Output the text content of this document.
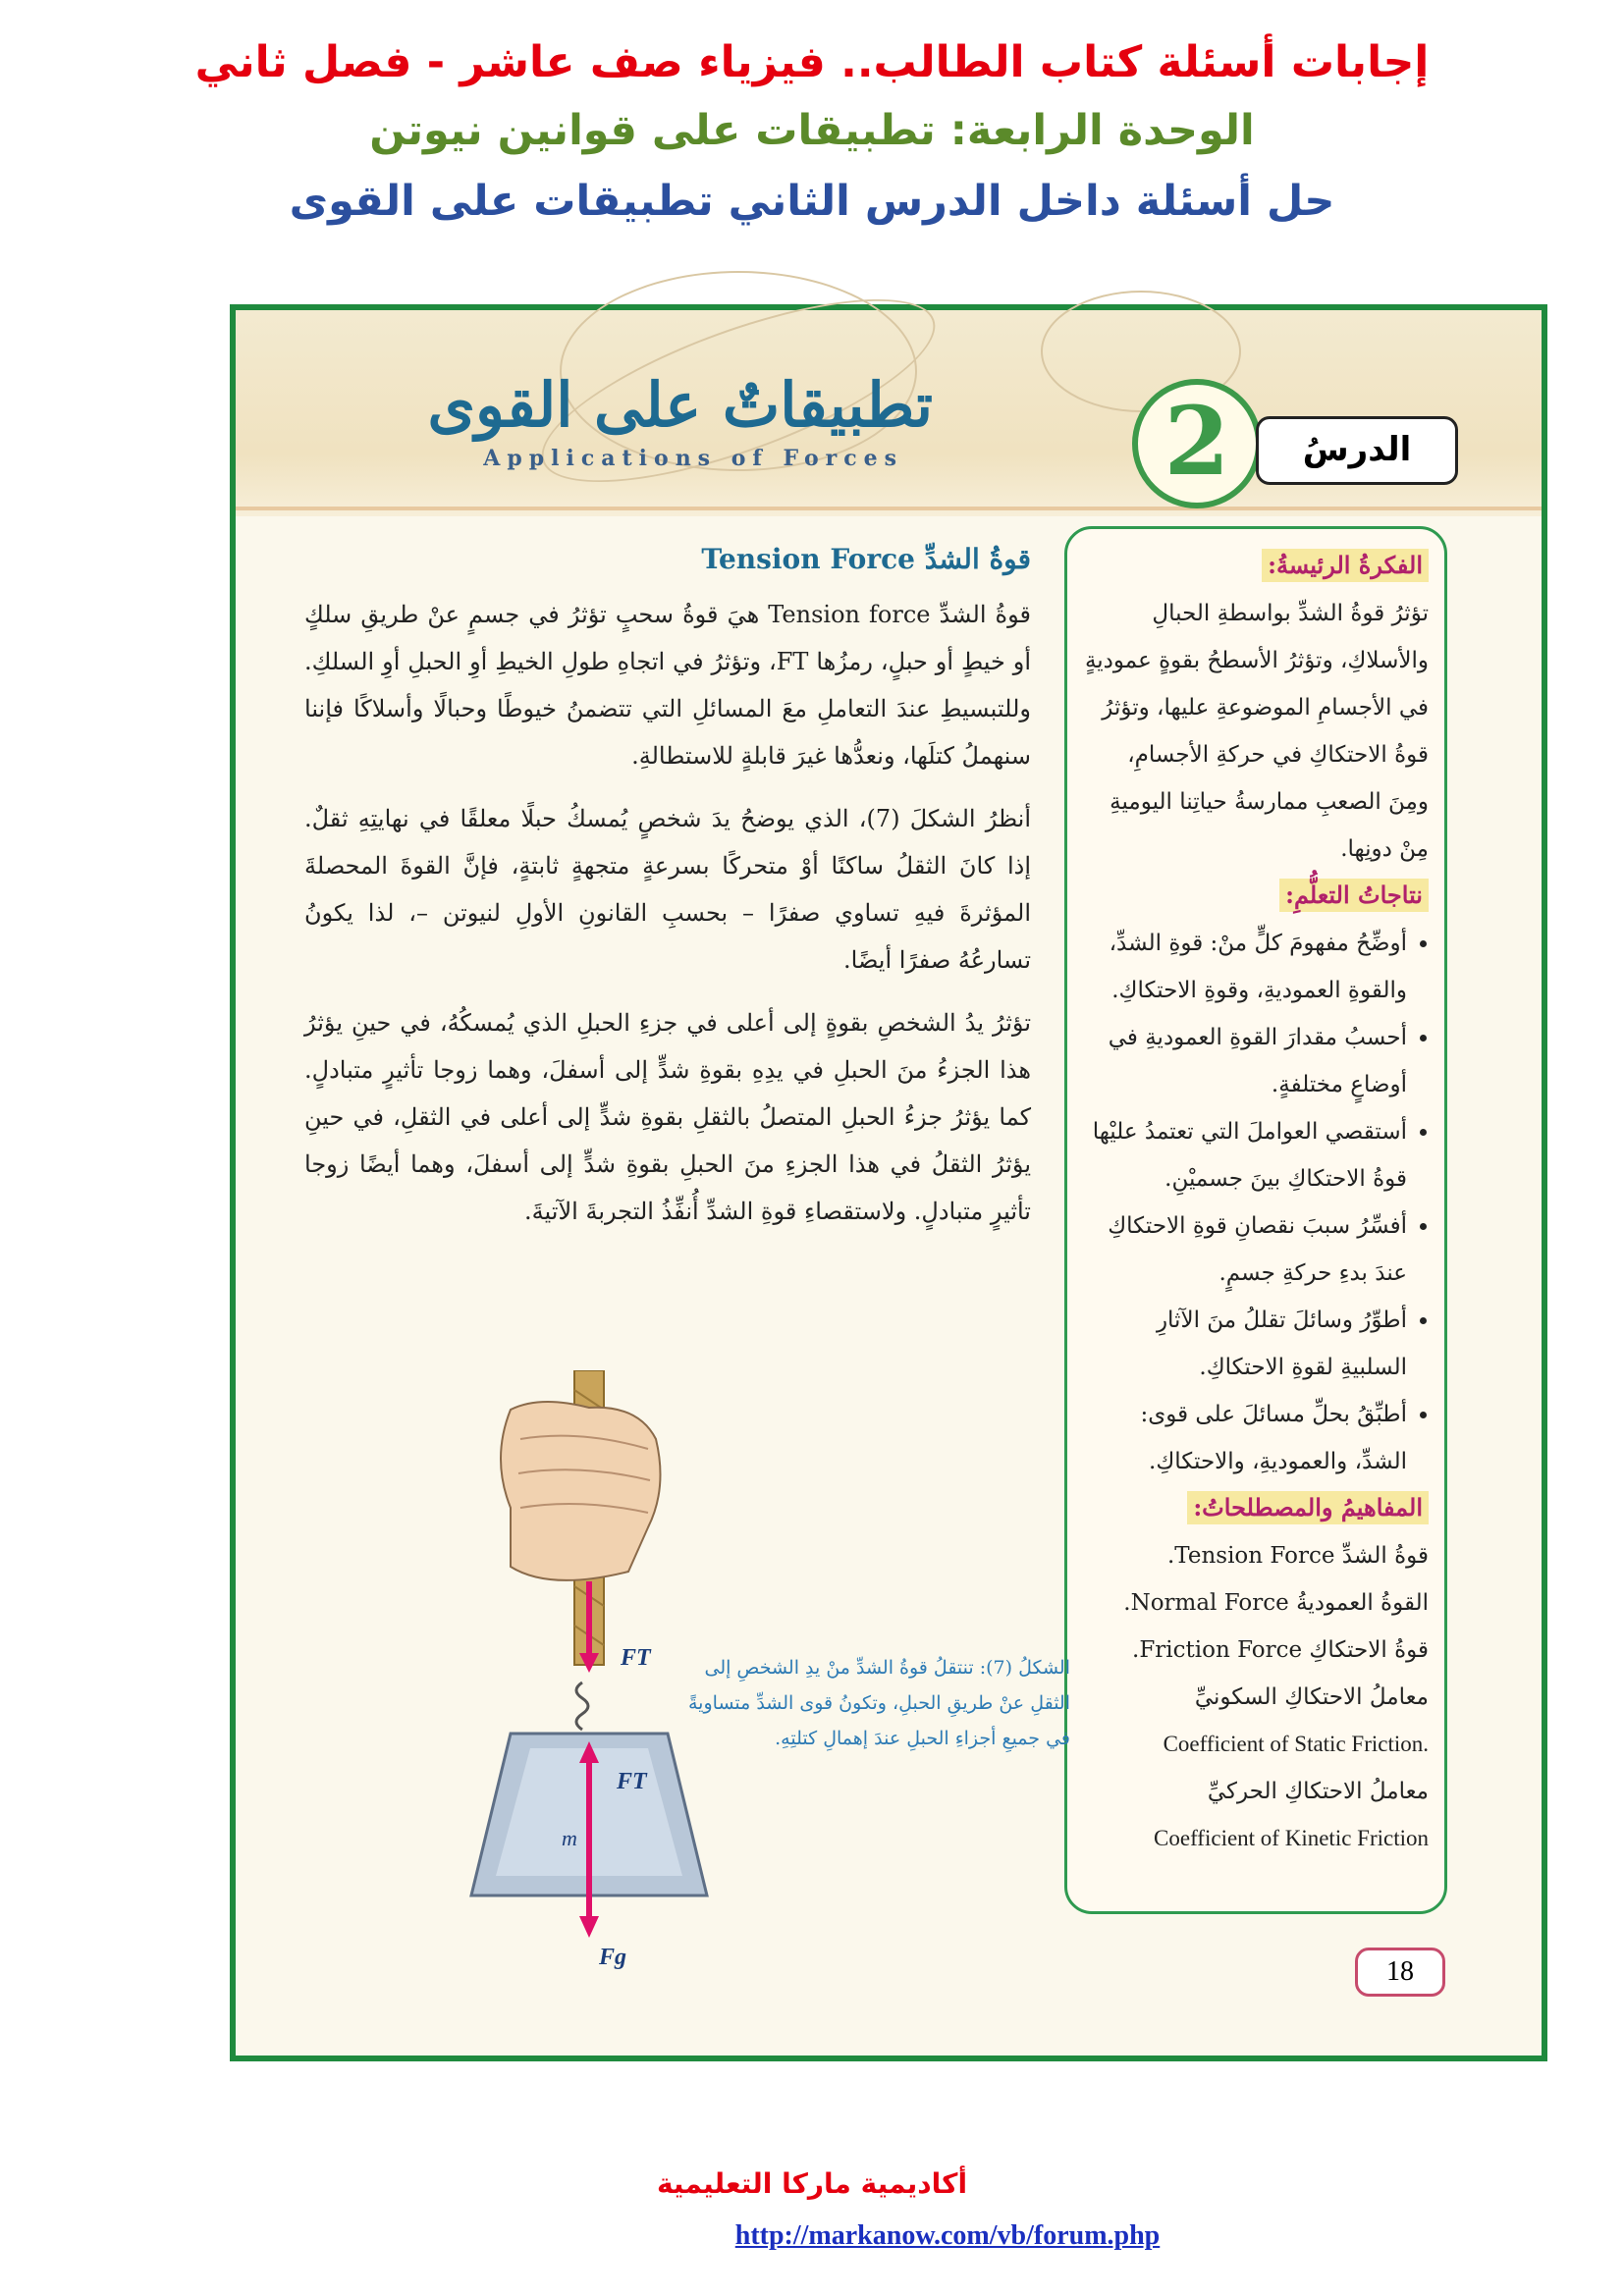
إجابات أسئلة كتاب الطالب.. فيزياء صف عاشر - فصل ثاني
الوحدة الرابعة: تطبيقات على قوانين نيوتن
حل أسئلة داخل الدرس الثاني تطبيقات على القوى
تطبيقاتٌ على القوى
Applications of Forces	2	الدرسُ
الفكرةُ الرئيسةُ:
تؤثرُ قوةُ الشدِّ بواسطةِ الحبالِ والأسلاكِ، وتؤثرُ الأسطحُ بقوةٍ عموديةٍ في الأجسامِ الموضوعةِ عليها، وتؤثرُ قوةُ الاحتكاكِ في حركةِ الأجسامِ، ومِنَ الصعبِ ممارسةُ حياتِنا اليوميةِ مِنْ دونِها.
نتاجاتُ التعلُّمِ:
• أوضِّحُ مفهومَ كلٍّ منْ: قوةِ الشدِّ، والقوةِ العموديةِ، وقوةِ الاحتكاكِ.
• أحسبُ مقدارَ القوةِ العموديةِ في أوضاعٍ مختلفةٍ.
• أستقصي العواملَ التي تعتمدُ عليْها قوةُ الاحتكاكِ بينَ جسميْنِ.
• أفسِّرُ سببَ نقصانِ قوةِ الاحتكاكِ عندَ بدءِ حركةِ جسمٍ.
• أطوِّرُ وسائلَ تقللُ منَ الآثارِ السلبيةِ لقوةِ الاحتكاكِ.
• أطبِّقُ بحلِّ مسائلَ على قوى: الشدِّ، والعموديةِ، والاحتكاكِ.
المفاهيمُ والمصطلحاتُ:
قوةُ الشدِّ Tension Force.
القوةُ العموديةُ Normal Force.
قوةُ الاحتكاكِ Friction Force.
معاملُ الاحتكاكِ السكونيِّ
Coefficient of Static Friction.
معاملُ الاحتكاكِ الحركيِّ
Coefficient of Kinetic Friction
قوةُ الشدِّ Tension Force

قوةُ الشدِّ Tension force هيَ قوةُ سحبٍ تؤثرُ في جسمٍ عنْ طريقِ سلكٍ أو خيطٍ أو حبلٍ، رمزُها FT، وتؤثرُ في اتجاهِ طولِ الخيطِ أوِ الحبلِ أوِ السلكِ. وللتبسيطِ عندَ التعاملِ معَ المسائلِ التي تتضمنُ خيوطًا وحبالًا وأسلاكًا فإننا سنهملُ كتلَها، ونعدُّها غيرَ قابلةٍ للاستطالةِ.

أنظرُ الشكلَ (7)، الذي يوضحُ يدَ شخصٍ يُمسكُ حبلًا معلقًا في نهايتِهِ ثقلٌ. إذا كانَ الثقلُ ساكنًا أوْ متحركًا بسرعةٍ متجهةٍ ثابتةٍ، فإنَّ القوةَ المحصلةَ المؤثرةَ فيهِ تساوي صفرًا – بحسبِ القانونِ الأولِ لنيوتن –، لذا يكونُ تسارعُهُ صفرًا أيضًا.

تؤثرُ يدُ الشخصِ بقوةٍ إلى أعلى في جزءِ الحبلِ الذي يُمسكُهُ، في حينِ يؤثرُ هذا الجزءُ منَ الحبلِ في يدِهِ بقوةِ شدٍّ إلى أسفلَ، وهما زوجا تأثيرٍ متبادلٍ. كما يؤثرُ جزءُ الحبلِ المتصلُ بالثقلِ بقوةِ شدٍّ إلى أعلى في الثقلِ، في حينِ يؤثرُ الثقلُ في هذا الجزءِ منَ الحبلِ بقوةِ شدٍّ إلى أسفلَ، وهما أيضًا زوجا تأثيرٍ متبادلٍ. ولاستقصاءِ قوةِ الشدِّ أُنفِّذُ التجربةَ الآتيةَ.

FT
FT
m
Fg
الشكلُ (7): تنتقلُ قوةُ الشدِّ منْ يدِ الشخصِ إلى الثقلِ عنْ طريقِ الحبلِ، وتكونُ قوى الشدِّ متساويةً في جميعِ أجزاءِ الحبلِ عندَ إهمالِ كتلتِهِ.
18
أكاديمية ماركا التعليمية
http://markanow.com/vb/forum.php
